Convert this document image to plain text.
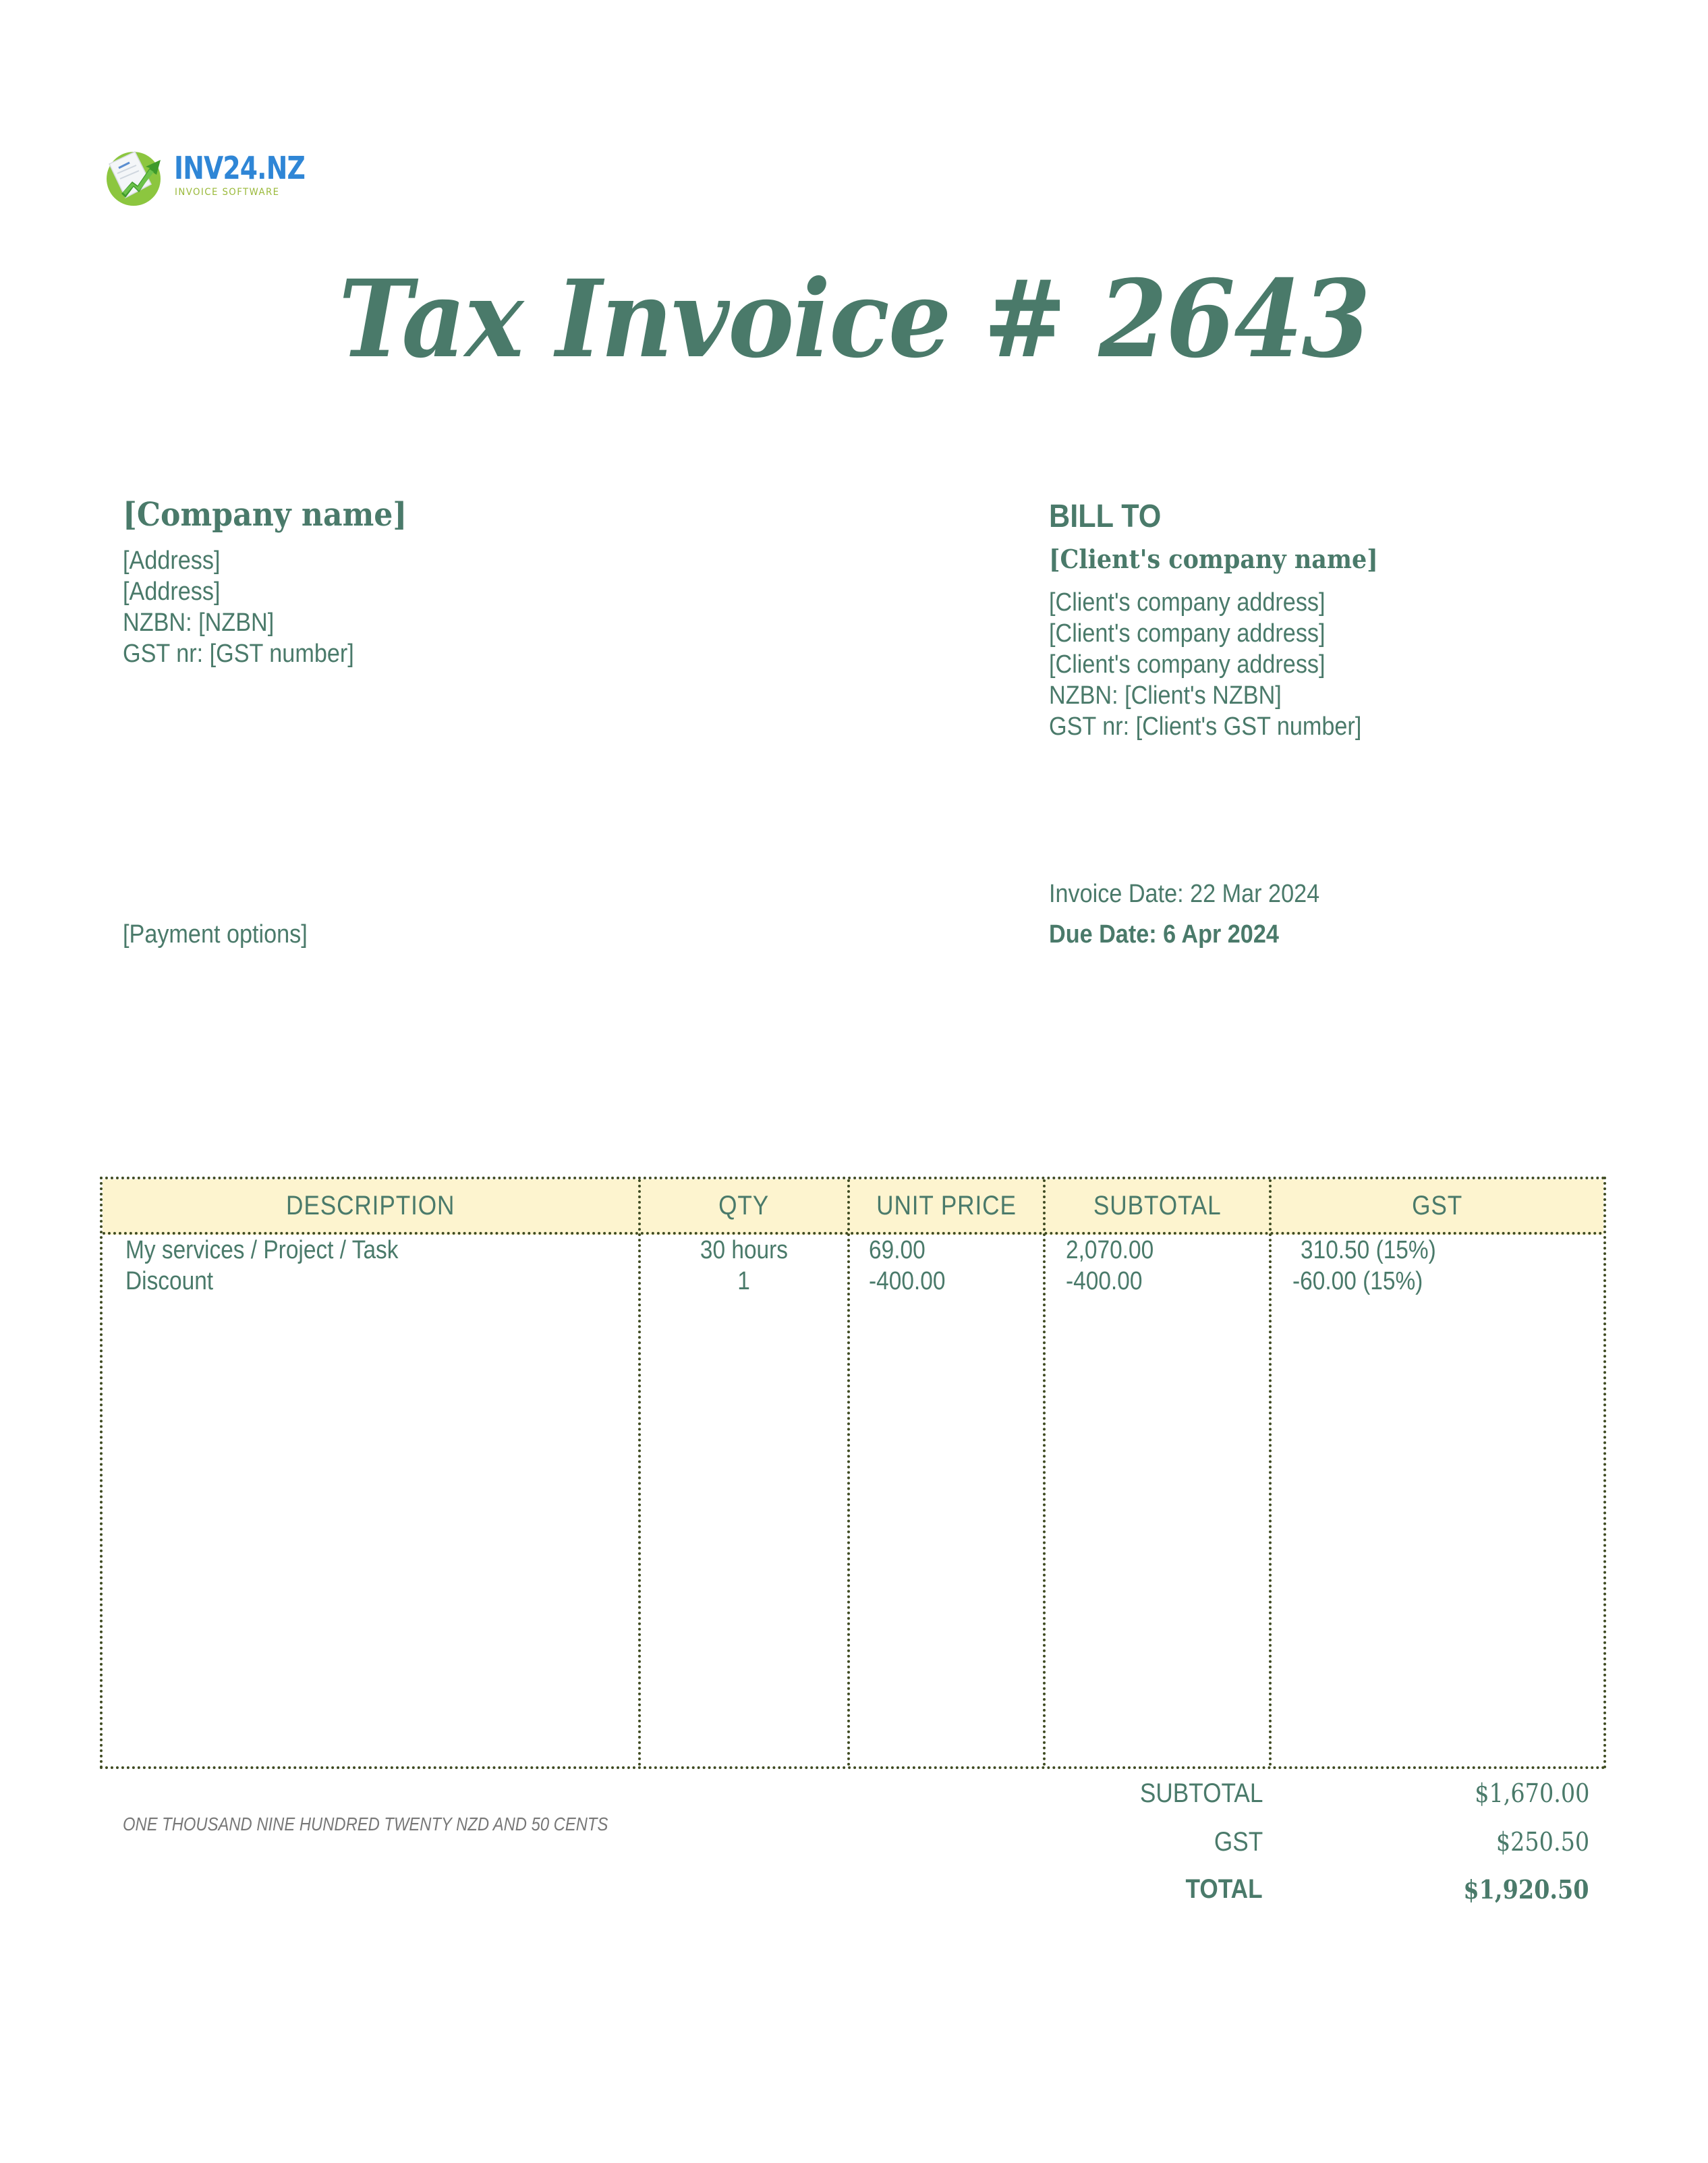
INV24.NZ
INVOICE SOFTWARE
Tax Invoice # 2643
[Company name]
[Address]
[Address]
NZBN: [NZBN]
GST nr: [GST number]
BILL TO
[Client's company name]
[Client's company address]
[Client's company address]
[Client's company address]
NZBN: [Client's NZBN]
GST nr: [Client's GST number]
[Payment options]
Invoice Date: 22 Mar 2024
Due Date: 6 Apr 2024
DESCRIPTION	QTY	UNIT PRICE	SUBTOTAL	GST
My services / Project / Task	30 hours	69.00	2,070.00	310.50 (15%)
Discount	1	-400.00	-400.00	-60.00 (15%)
ONE THOUSAND NINE HUNDRED TWENTY NZD AND 50 CENTS
SUBTOTAL	$1,670.00
GST	$250.50
TOTAL	$1,920.50
